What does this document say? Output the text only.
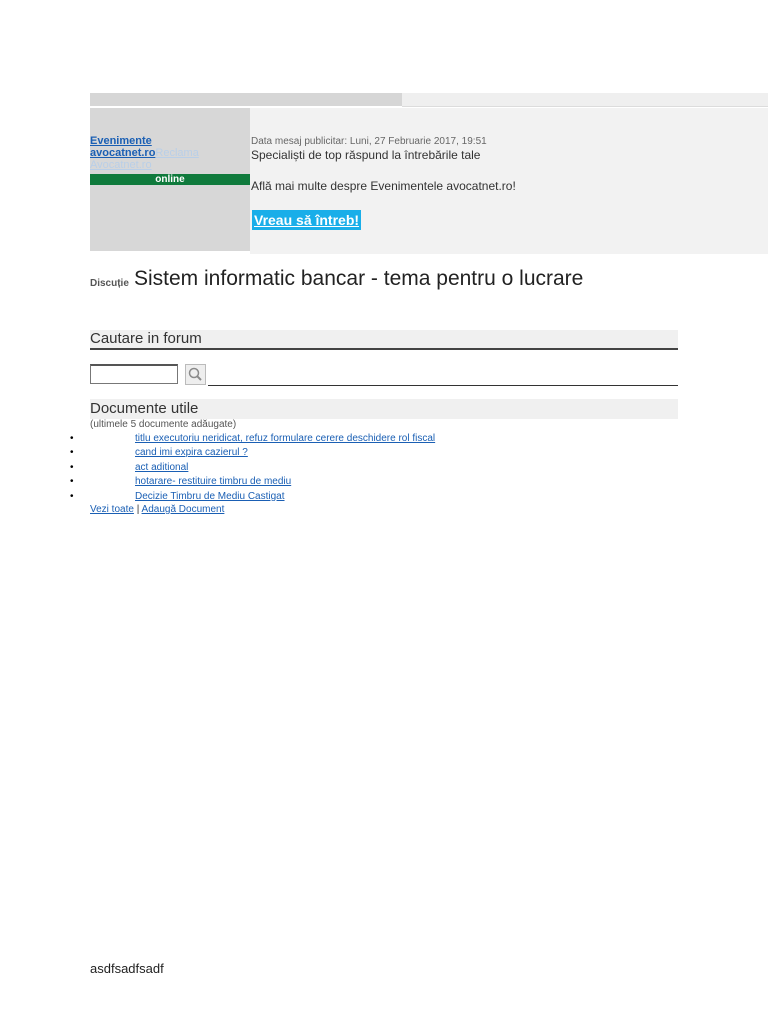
Evenimente avocatnet.roReclama
Avocatnet.ro
online
Data mesaj publicitar: Luni, 27 Februarie 2017, 19:51
Specialiști de top răspund la întrebările tale
Află mai multe despre Evenimentele avocatnet.ro!
Vreau să întreb!
Discuție Sistem informatic bancar - tema pentru o lucrare
Cautare in forum
Documente utile
(ultimele 5 documente adăugate)
•	titlu executoriu neridicat, refuz formulare cerere deschidere rol fiscal
•	cand imi expira cazierul ?
•	act aditional
•	hotarare- restituire timbru de mediu
•	Decizie Timbru de Mediu Castigat
Vezi toate | Adaugă Document
asdfsadfsadf
